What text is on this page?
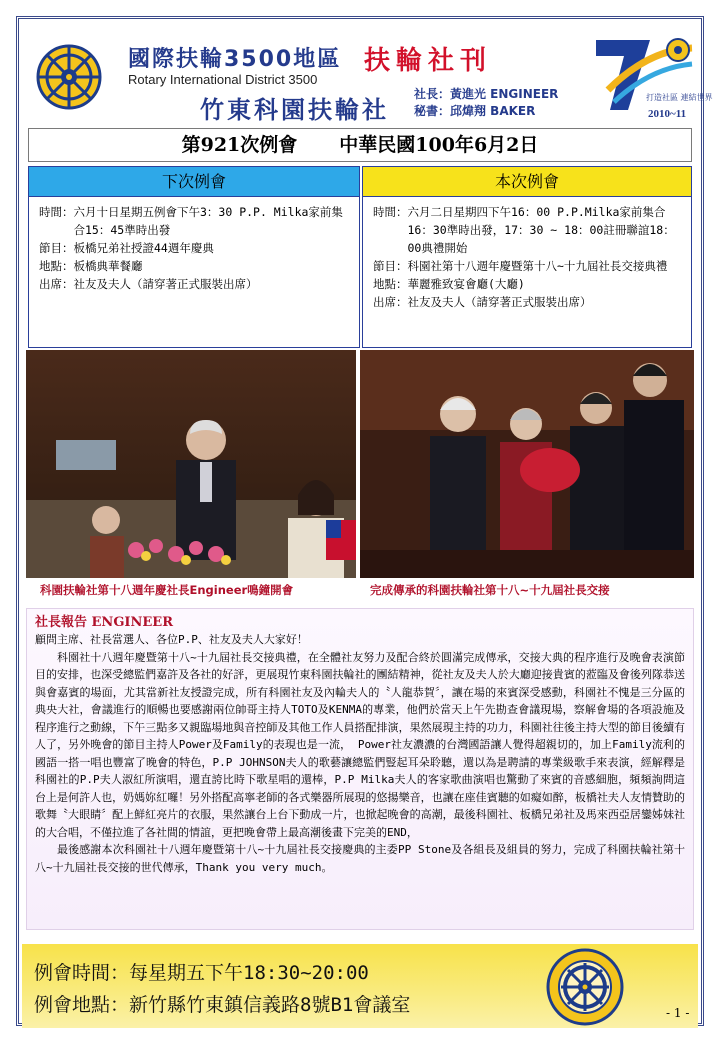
國際扶輪3500地區
Rotary International District 3500
竹東科園扶輪社
扶輪社刊
社長：黃進光 ENGINEER
秘書：邱煒翔 BAKER
打造社區 連結世界
2010~11
第921次例會 中華民國100年6月2日
下次例會
時間： 六月十日星期五例會下午3：30 P.P. Milka家前集合15：45準時出發
節目： 板橋兄弟社授證44週年慶典
地點： 板橋典華餐廳
出席： 社友及夫人（請穿著正式服裝出席）
本次例會
時間： 六月二日星期四下午16：00 P.P.Milka家前集合16：30準時出發，17：30 ~ 18：00註冊聯誼18：00典禮開始
節目： 科園社第十八週年慶暨第十八~十九屆社長交接典禮
地點： 華麗雅致宴會廳(大廳)
出席： 社友及夫人（請穿著正式服裝出席）
科園扶輪社第十八週年慶社長Engineer鳴鐘開會	完成傳承的科園扶輪社第十八~十九屆社長交接
社長報告 ENGINEER

顧問主席、社長當選人、各位P.P、社友及夫人大家好！

科園社十八週年慶暨第十八~十九屆社長交接典禮，在全體社友努力及配合終於圓滿完成傳承，交接大典的程序進行及晚會表演節目的安排，也深受總監們嘉許及各社的好評，更展現竹東科園扶輪社的團結精神，從社友及夫人於大廳迎接貴賓的蒞臨及會後列隊恭送與會嘉賓的場面，尤其當新社友授證完成，所有科園社友及內輪夫人的〝人龍恭賀〞，讓在場的來賓深受感動，科園社不愧是三分區的典央大社，會議進行的順暢也要感謝兩位帥哥主持人TOTO及KENMA的專業，他們於當天上午先勘查會議現場，察解會場的各項設施及程序進行之動線，下午三點多又親臨場地與音控師及其他工作人員搭配排演，果然展現主持的功力，科園社往後主持大型的節目後續有人了，另外晚會的節目主持人Power及Family的表現也是一流， Power社友濃濃的台灣國語讓人覺得超親切的，加上Family流利的國語一搭一唱也豐富了晚會的特色，P.P JOHNSON夫人的歌藝讓總監們豎起耳朵聆聽，還以為是聘請的專業級歌手來表演，經解釋是科園社的P.P夫人淑紅所演唱，還直誇比時下歌星唱的還棒，P.P Milka夫人的客家歌曲演唱也驚動了來賓的音感細胞，頻頻詢問這台上是何許人也，奶媽妳紅囉！另外搭配高寧老師的各式樂器所展現的悠揚樂音，也讓在座佳賓聽的如癡如醉，板橋社夫人友情贊助的歌舞〝大眼睛〞配上鮮紅亮片的衣服，果然讓台上台下動成一片，也掀起晚會的高潮，最後科園社、板橋兄弟社及馬來西亞居鑾姊妹社的大合唱，不僅拉進了各社間的情誼，更把晚會帶上最高潮後畫下完美的END，

最後感謝本次科園社十八週年慶暨第十八~十九屆社長交接慶典的主委PP Stone及各組長及組員的努力，完成了科園扶輪社第十八~十九屆社長交接的世代傳承，Thank you very much。

例會時間：每星期五下午18:30~20:00
例會地點：新竹縣竹東鎮信義路8號B1會議室	- 1 -
